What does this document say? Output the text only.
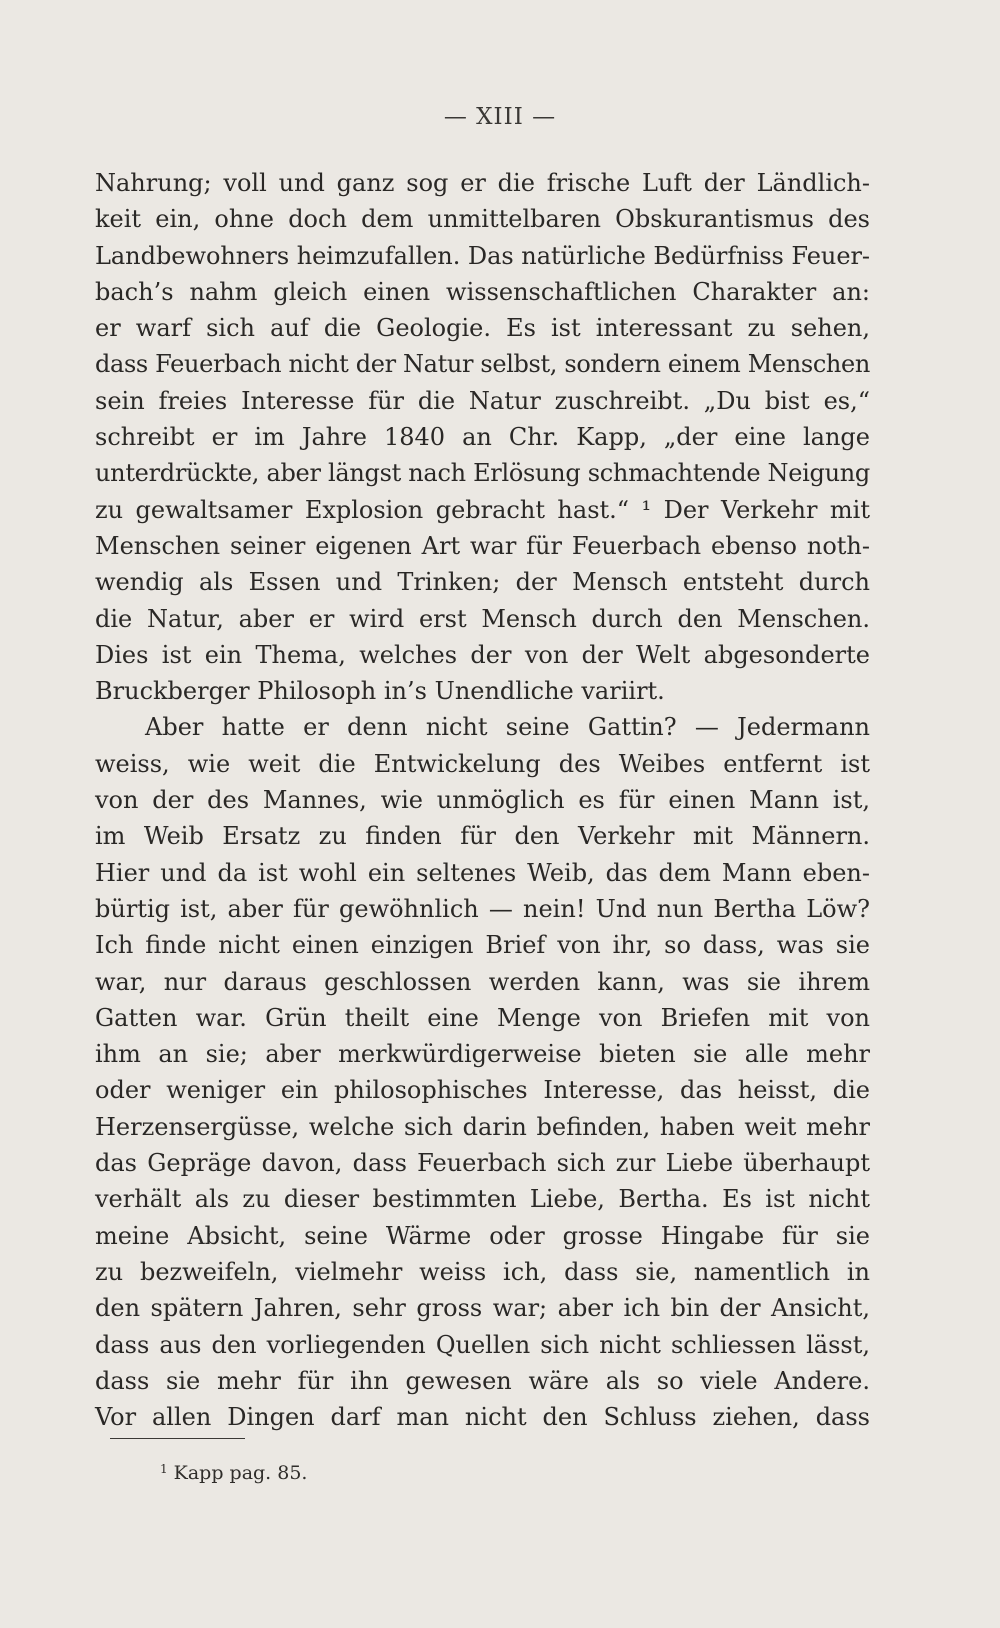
— XIII —
Nahrung; voll und ganz sog er die frische Luft der Ländlich-
keit ein, ohne doch dem unmittelbaren Obskurantismus des
Landbewohners heimzufallen. Das natürliche Bedürfniss Feuer-
bach’s nahm gleich einen wissenschaftlichen Charakter an:
er warf sich auf die Geologie. Es ist interessant zu sehen,
dass Feuerbach nicht der Natur selbst, sondern einem Menschen
sein freies Interesse für die Natur zuschreibt. „Du bist es,“
schreibt er im Jahre 1840 an Chr. Kapp, „der eine lange
unterdrückte, aber längst nach Erlösung schmachtende Neigung
zu gewaltsamer Explosion gebracht hast.“ ¹ Der Verkehr mit
Menschen seiner eigenen Art war für Feuerbach ebenso noth-
wendig als Essen und Trinken; der Mensch entsteht durch
die Natur, aber er wird erst Mensch durch den Menschen.
Dies ist ein Thema, welches der von der Welt abgesonderte
Bruckberger Philosoph in’s Unendliche variirt.
Aber hatte er denn nicht seine Gattin? — Jedermann
weiss, wie weit die Entwickelung des Weibes entfernt ist
von der des Mannes, wie unmöglich es für einen Mann ist,
im Weib Ersatz zu finden für den Verkehr mit Männern.
Hier und da ist wohl ein seltenes Weib, das dem Mann eben-
bürtig ist, aber für gewöhnlich — nein! Und nun Bertha Löw?
Ich finde nicht einen einzigen Brief von ihr, so dass, was sie
war, nur daraus geschlossen werden kann, was sie ihrem
Gatten war. Grün theilt eine Menge von Briefen mit von
ihm an sie; aber merkwürdigerweise bieten sie alle mehr
oder weniger ein philosophisches Interesse, das heisst, die
Herzensergüsse, welche sich darin befinden, haben weit mehr
das Gepräge davon, dass Feuerbach sich zur Liebe überhaupt
verhält als zu dieser bestimmten Liebe, Bertha. Es ist nicht
meine Absicht, seine Wärme oder grosse Hingabe für sie
zu bezweifeln, vielmehr weiss ich, dass sie, namentlich in
den spätern Jahren, sehr gross war; aber ich bin der Ansicht,
dass aus den vorliegenden Quellen sich nicht schliessen lässt,
dass sie mehr für ihn gewesen wäre als so viele Andere.
Vor allen Dingen darf man nicht den Schluss ziehen, dass
$^1$ Kapp pag. 85.
